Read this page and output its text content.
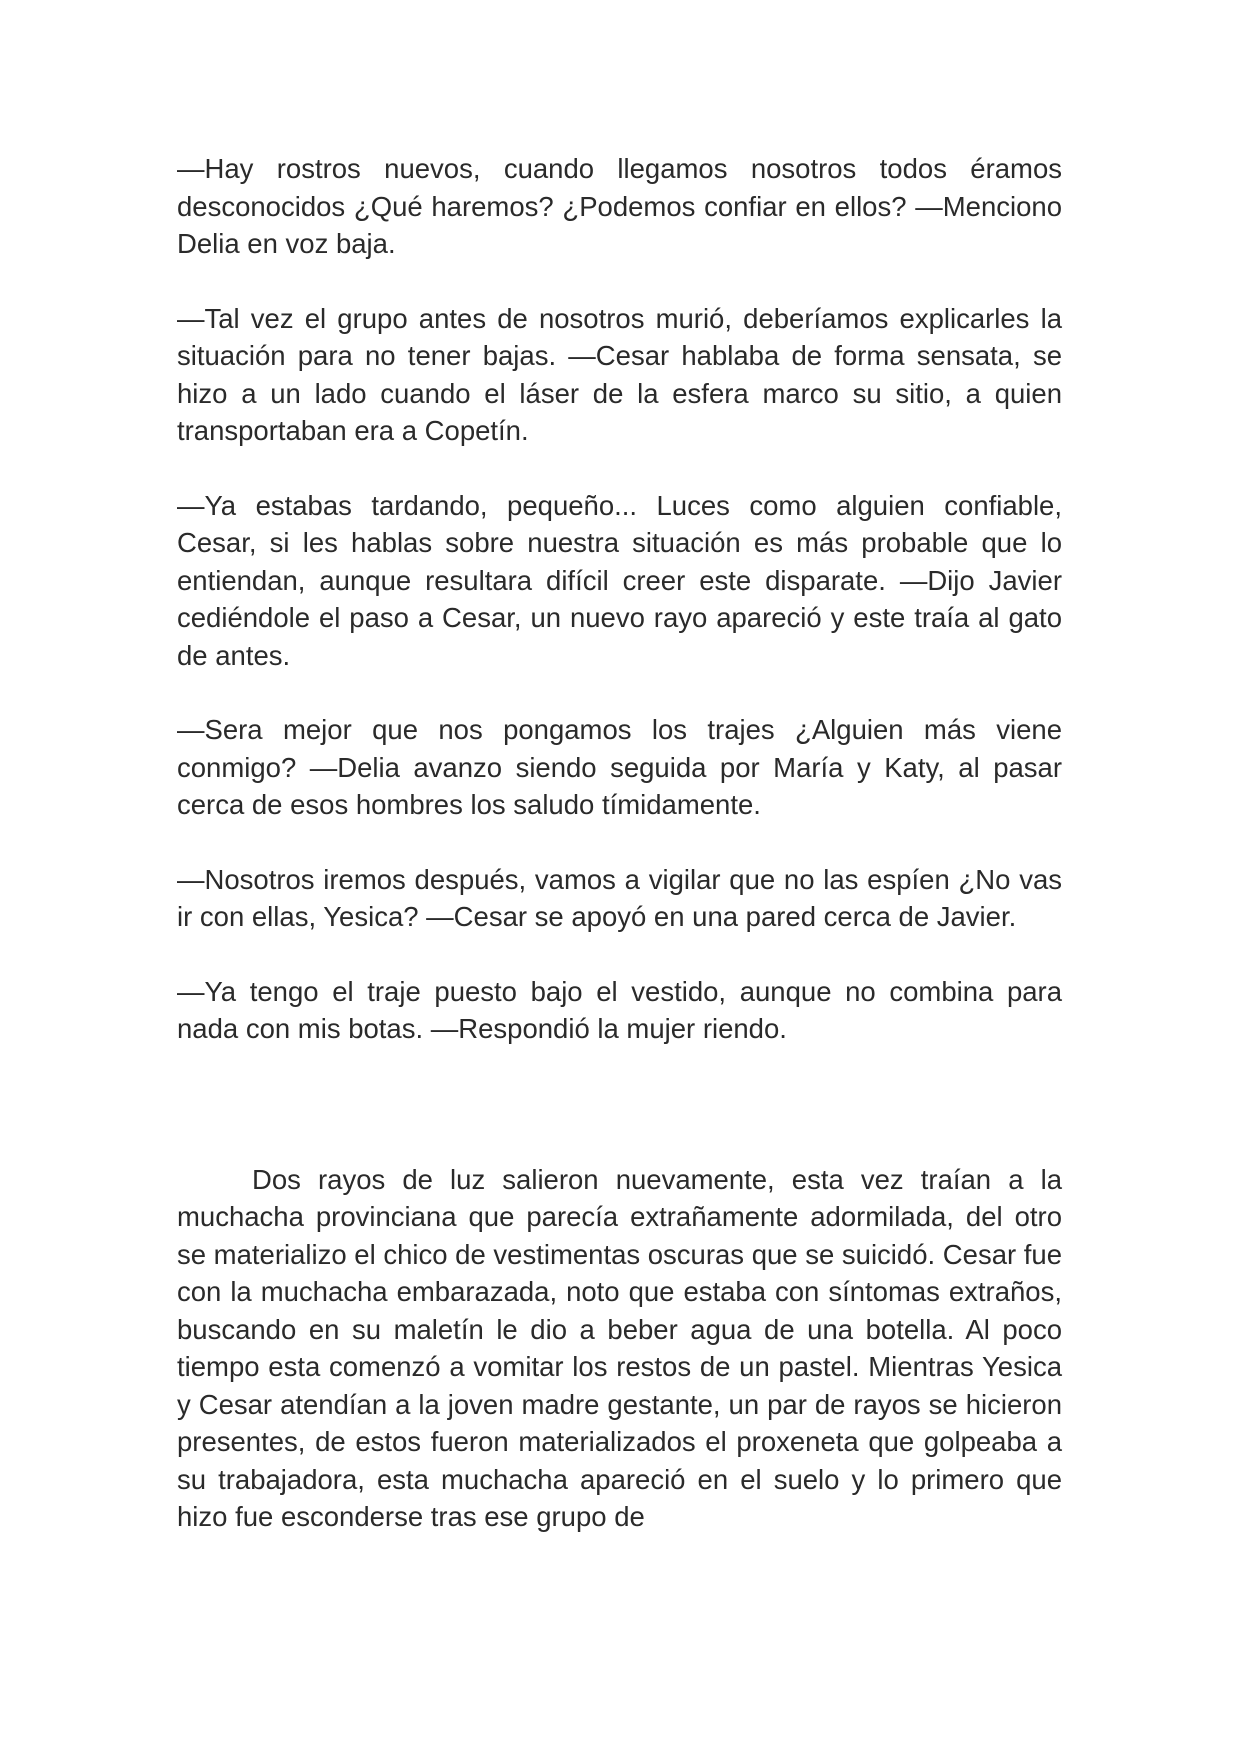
—Hay rostros nuevos, cuando llegamos nosotros todos éramos desconocidos ¿Qué haremos? ¿Podemos confiar en ellos? —Menciono Delia en voz baja.

—Tal vez el grupo antes de nosotros murió, deberíamos explicarles la situación para no tener bajas. —Cesar hablaba de forma sensata, se hizo a un lado cuando el láser de la esfera marco su sitio, a quien transportaban era a Copetín.

—Ya estabas tardando, pequeño... Luces como alguien confiable, Cesar, si les hablas sobre nuestra situación es más probable que lo entiendan, aunque resultara difícil creer este disparate. —Dijo Javier cediéndole el paso a Cesar, un nuevo rayo apareció y este traía al gato de antes.

—Sera mejor que nos pongamos los trajes ¿Alguien más viene conmigo? —Delia avanzo siendo seguida por María y Katy, al pasar cerca de esos hombres los saludo tímidamente.

—Nosotros iremos después, vamos a vigilar que no las espíen ¿No vas ir con ellas, Yesica? —Cesar se apoyó en una pared cerca de Javier.

—Ya tengo el traje puesto bajo el vestido, aunque no combina para nada con mis botas. —Respondió la mujer riendo.

Dos rayos de luz salieron nuevamente, esta vez traían a la muchacha provinciana que parecía extrañamente adormilada, del otro se materializo el chico de vestimentas oscuras que se suicidó. Cesar fue con la muchacha embarazada, noto que estaba con síntomas extraños, buscando en su maletín le dio a beber agua de una botella. Al poco tiempo esta comenzó a vomitar los restos de un pastel. Mientras Yesica y Cesar atendían a la joven madre gestante, un par de rayos se hicieron presentes, de estos fueron materializados el proxeneta que golpeaba a su trabajadora, esta muchacha apareció en el suelo y lo primero que hizo fue esconderse tras ese grupo de
